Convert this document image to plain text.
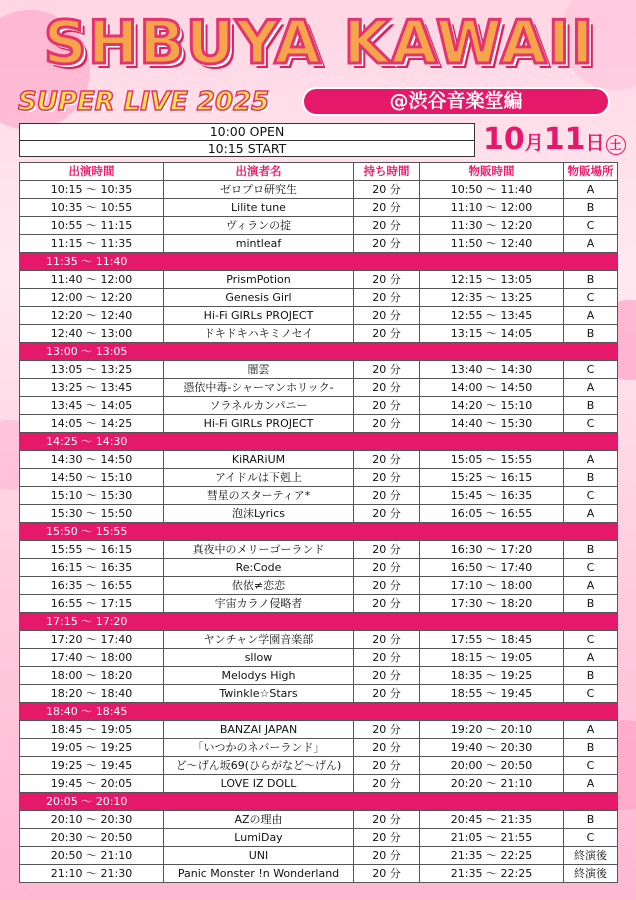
SHBUYA KAWAII
SUPER LIVE 2025	@渋谷音楽堂編
10:00 OPEN
10:15 START	10月11日 土
出演時間	出演者名	持ち時間	物販時間	物販場所
10:15 ～ 10:35	ゼロプロ研究生	20 分	10:50 ～ 11:40	A
10:35 ～ 10:55	Lilite tune	20 分	11:10 ～ 12:00	B
10:55 ～ 11:15	ヴィランの掟	20 分	11:30 ～ 12:20	C
11:15 ～ 11:35	mintleaf	20 分	11:50 ～ 12:40	A
11:35 ～ 11:40				
11:40 ～ 12:00	PrismPotion	20 分	12:15 ～ 13:05	B
12:00 ～ 12:20	Genesis Girl	20 分	12:35 ～ 13:25	C
12:20 ～ 12:40	Hi-Fi GIRLs PROJECT	20 分	12:55 ～ 13:45	A
12:40 ～ 13:00	ドキドキハキミノセイ	20 分	13:15 ～ 14:05	B
13:00 ～ 13:05				
13:05 ～ 13:25	闇雲	20 分	13:40 ～ 14:30	C
13:25 ～ 13:45	憑依中毒-シャーマンホリック-	20 分	14:00 ～ 14:50	A
13:45 ～ 14:05	ソラネルカンパニー	20 分	14:20 ～ 15:10	B
14:05 ～ 14:25	Hi-Fi GIRLs PROJECT	20 分	14:40 ～ 15:30	C
14:25 ～ 14:30				
14:30 ～ 14:50	KiRARiUM	20 分	15:05 ～ 15:55	A
14:50 ～ 15:10	アイドルは下剋上	20 分	15:25 ～ 16:15	B
15:10 ～ 15:30	彗星のスターティア*	20 分	15:45 ～ 16:35	C
15:30 ～ 15:50	泡沫Lyrics	20 分	16:05 ～ 16:55	A
15:50 ～ 15:55				
15:55 ～ 16:15	真夜中のメリーゴーランド	20 分	16:30 ～ 17:20	B
16:15 ～ 16:35	Re:Code	20 分	16:50 ～ 17:40	C
16:35 ～ 16:55	依依≠恋恋	20 分	17:10 ～ 18:00	A
16:55 ～ 17:15	宇宙カラノ侵略者	20 分	17:30 ～ 18:20	B
17:15 ～ 17:20				
17:20 ～ 17:40	ヤンチャン学園音楽部	20 分	17:55 ～ 18:45	C
17:40 ～ 18:00	sllow	20 分	18:15 ～ 19:05	A
18:00 ～ 18:20	Melodys High	20 分	18:35 ～ 19:25	B
18:20 ～ 18:40	Twinkle☆Stars	20 分	18:55 ～ 19:45	C
18:40 ～ 18:45				
18:45 ～ 19:05	BANZAI JAPAN	20 分	19:20 ～ 20:10	A
19:05 ～ 19:25	「いつかのネバーランド」	20 分	19:40 ～ 20:30	B
19:25 ～ 19:45	ど～げん坂69(ひらがなど～げん)	20 分	20:00 ～ 20:50	C
19:45 ～ 20:05	LOVE IZ DOLL	20 分	20:20 ～ 21:10	A
20:05 ～ 20:10				
20:10 ～ 20:30	AZの理由	20 分	20:45 ～ 21:35	B
20:30 ～ 20:50	LumiDay	20 分	21:05 ～ 21:55	C
20:50 ～ 21:10	UNI	20 分	21:35 ～ 22:25	終演後
21:10 ～ 21:30	Panic Monster !n Wonderland	20 分	21:35 ～ 22:25	終演後
